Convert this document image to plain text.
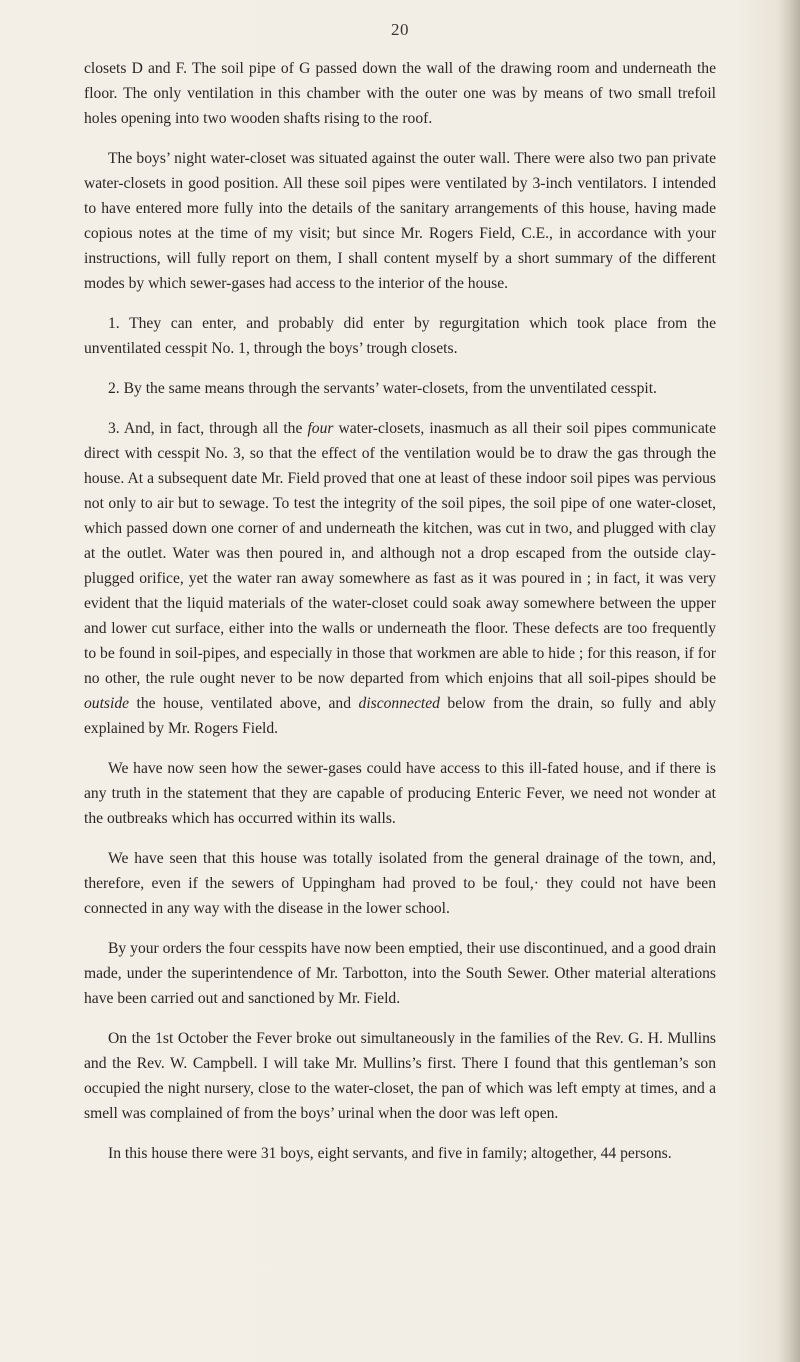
20

closets D and F. The soil pipe of G passed down the wall of the drawing room and underneath the floor. The only ventilation in this chamber with the outer one was by means of two small trefoil holes opening into two wooden shafts rising to the roof.

The boys’ night water-closet was situated against the outer wall. There were also two pan private water-closets in good position. All these soil pipes were ventilated by 3-inch ventilators. I intended to have entered more fully into the details of the sanitary arrangements of this house, having made copious notes at the time of my visit; but since Mr. Rogers Field, C.E., in accordance with your instructions, will fully report on them, I shall content myself by a short summary of the different modes by which sewer-gases had access to the interior of the house.

1. They can enter, and probably did enter by regurgitation which took place from the unventilated cesspit No. 1, through the boys’ trough closets.

2. By the same means through the servants’ water-closets, from the unventilated cesspit.

3. And, in fact, through all the four water-closets, inasmuch as all their soil pipes communicate direct with cesspit No. 3, so that the effect of the ventilation would be to draw the gas through the house. At a subsequent date Mr. Field proved that one at least of these indoor soil pipes was pervious not only to air but to sewage. To test the integrity of the soil pipes, the soil pipe of one water-closet, which passed down one corner of and underneath the kitchen, was cut in two, and plugged with clay at the outlet. Water was then poured in, and although not a drop escaped from the outside clay-plugged orifice, yet the water ran away somewhere as fast as it was poured in ; in fact, it was very evident that the liquid materials of the water-closet could soak away somewhere between the upper and lower cut surface, either into the walls or underneath the floor. These defects are too frequently to be found in soil-pipes, and especially in those that workmen are able to hide ; for this reason, if for no other, the rule ought never to be now departed from which enjoins that all soil-pipes should be outside the house, ventilated above, and disconnected below from the drain, so fully and ably explained by Mr. Rogers Field.

We have now seen how the sewer-gases could have access to this ill-fated house, and if there is any truth in the statement that they are capable of producing Enteric Fever, we need not wonder at the outbreaks which has occurred within its walls.

We have seen that this house was totally isolated from the general drainage of the town, and, therefore, even if the sewers of Uppingham had proved to be foul,· they could not have been connected in any way with the disease in the lower school.

By your orders the four cesspits have now been emptied, their use discontinued, and a good drain made, under the superintendence of Mr. Tarbotton, into the South Sewer. Other material alterations have been carried out and sanctioned by Mr. Field.

On the 1st October the Fever broke out simultaneously in the families of the Rev. G. H. Mullins and the Rev. W. Campbell. I will take Mr. Mullins’s first. There I found that this gentleman’s son occupied the night nursery, close to the water-closet, the pan of which was left empty at times, and a smell was complained of from the boys’ urinal when the door was left open.

In this house there were 31 boys, eight servants, and five in family; altogether, 44 persons.
